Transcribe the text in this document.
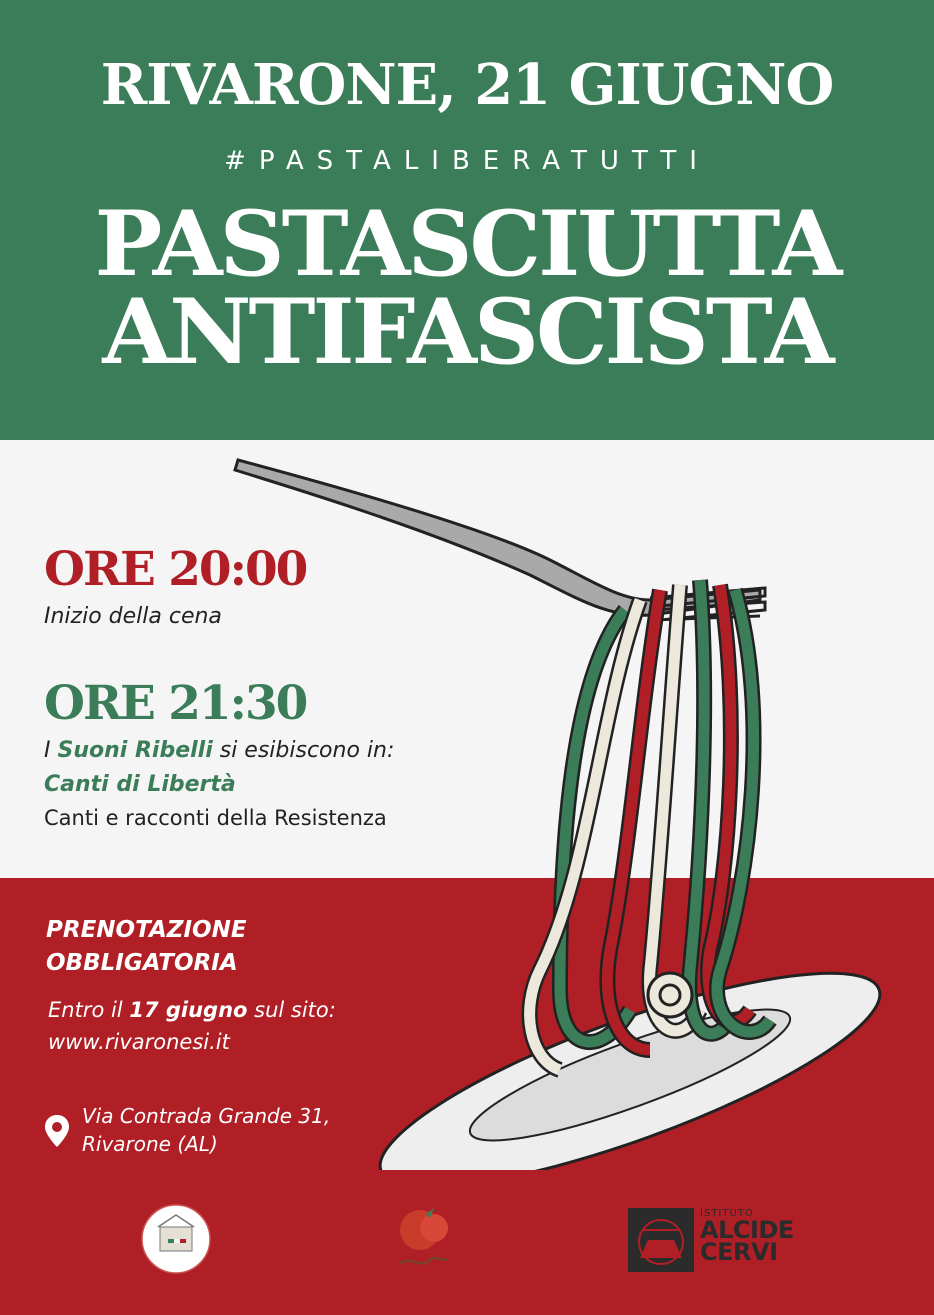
RIVARONE, 21 GIUGNO
#PASTALIBERATUTTI
PASTASCIUTTA
ANTIFASCISTA
ORE 20:00
Inizio della cena
ORE 21:30
I Suoni Ribelli si esibiscono in:
Canti di Libertà
Canti e racconti della Resistenza
PRENOTAZIONE
OBBLIGATORIA
Entro il 17 giugno sul sito:
www.rivaronesi.it
Via Contrada Grande 31,
Rivarone (AL)
ISTITUTO
ALCIDE
CERVI
